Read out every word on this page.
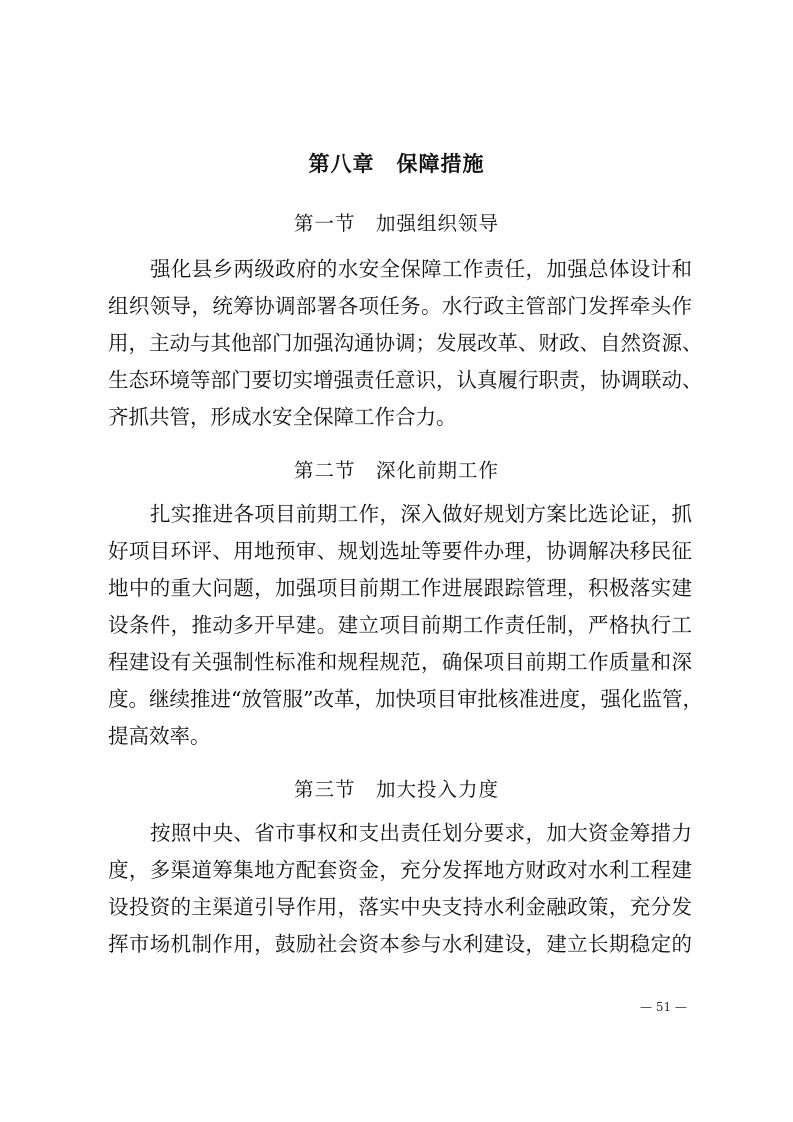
第八章　保障措施
第一节　加强组织领导
强化县乡两级政府的水安全保障工作责任，加强总体设计和
组织领导，统筹协调部署各项任务。水行政主管部门发挥牵头作
用，主动与其他部门加强沟通协调；发展改革、财政、自然资源、
生态环境等部门要切实增强责任意识，认真履行职责，协调联动、
齐抓共管，形成水安全保障工作合力。
第二节　深化前期工作
扎实推进各项目前期工作，深入做好规划方案比选论证，抓
好项目环评、用地预审、规划选址等要件办理，协调解决移民征
地中的重大问题，加强项目前期工作进展跟踪管理，积极落实建
设条件，推动多开早建。建立项目前期工作责任制，严格执行工
程建设有关强制性标准和规程规范，确保项目前期工作质量和深
度。继续推进“放管服”改革，加快项目审批核准进度，强化监管，
提高效率。
第三节　加大投入力度
按照中央、省市事权和支出责任划分要求，加大资金筹措力
度，多渠道筹集地方配套资金，充分发挥地方财政对水利工程建
设投资的主渠道引导作用，落实中央支持水利金融政策，充分发
挥市场机制作用，鼓励社会资本参与水利建设，建立长期稳定的
— 51 —
